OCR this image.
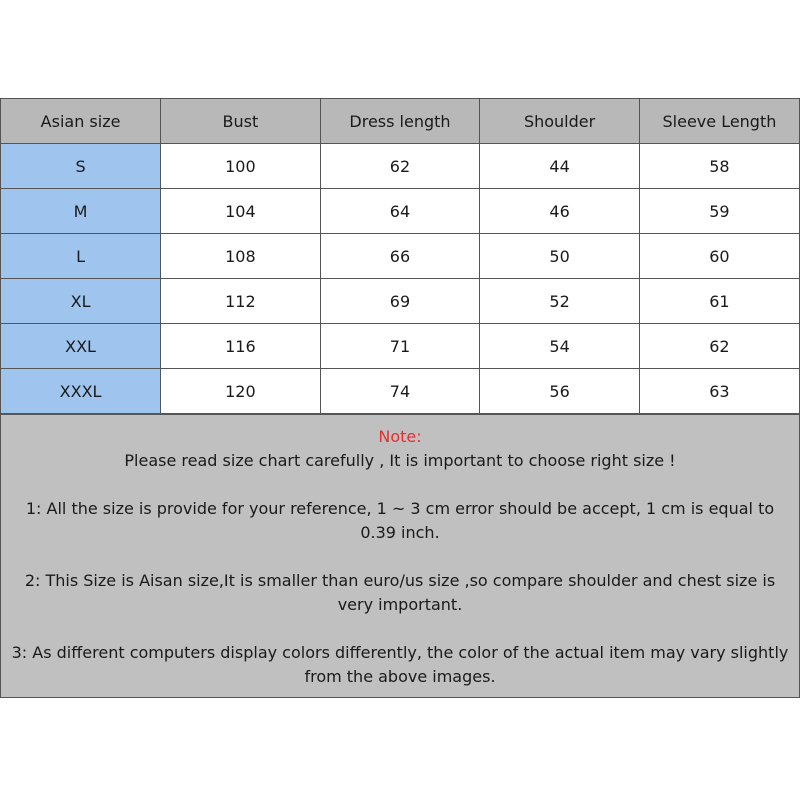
Asian size	Bust	Dress length	Shoulder	Sleeve Length
S	100	62	44	58
M	104	64	46	59
L	108	66	50	60
XL	112	69	52	61
XXL	116	71	54	62
XXXL	120	74	56	63
Note:
Please read size chart carefully , It is important to choose right size !
1: All the size is provide for your reference, 1 ~ 3 cm error should be accept, 1 cm is equal to 0.39 inch.
2: This Size is Aisan size,It is smaller than euro/us size ,so compare shoulder and chest size is very important.
3: As different computers display colors differently, the color of the actual item may vary slightly from the above images.
